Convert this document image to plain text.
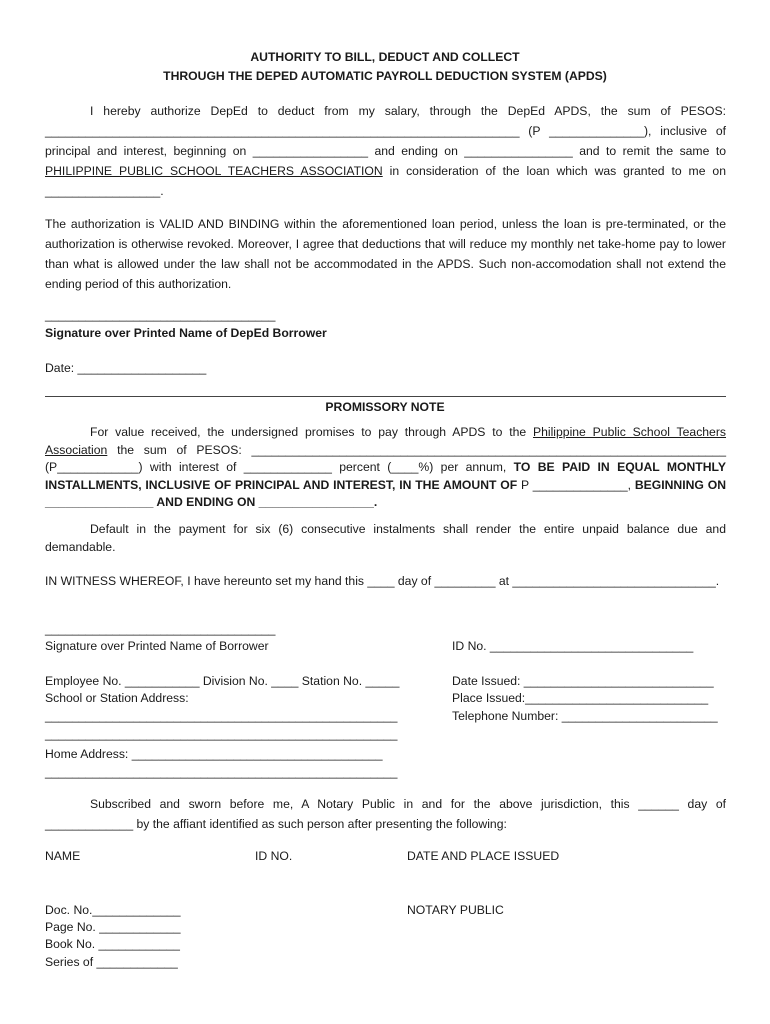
AUTHORITY TO BILL, DEDUCT AND COLLECT
THROUGH THE DEPED AUTOMATIC PAYROLL DEDUCTION SYSTEM (APDS)
I hereby authorize DepEd to deduct from my salary, through the DepEd APDS, the sum of PESOS: ______________________________________________________________________ (P ______________), inclusive of principal and interest, beginning on _________________ and ending on ________________ and to remit the same to PHILIPPINE PUBLIC SCHOOL TEACHERS ASSOCIATION in consideration of the loan which was granted to me on _________________.
The authorization is VALID AND BINDING within the aforementioned loan period, unless the loan is pre-terminated, or the authorization is otherwise revoked. Moreover, I agree that deductions that will reduce my monthly net take-home pay to lower than what is allowed under the law shall not be accommodated in the APDS. Such non-accomodation shall not extend the ending period of this authorization.
__________________________________
Signature over Printed Name of DepEd Borrower
Date: ___________________
PROMISSORY NOTE
For value received, the undersigned promises to pay through APDS to the Philippine Public School Teachers Association the sum of PESOS: ______________________________________________________________________ (P____________) with interest of _____________ percent (____%) per annum, TO BE PAID IN EQUAL MONTHLY INSTALLMENTS, INCLUSIVE OF PRINCIPAL AND INTEREST, IN THE AMOUNT OF P ______________, BEGINNING ON ________________ AND ENDING ON _________________.
Default in the payment for six (6) consecutive instalments shall render the entire unpaid balance due and demandable.
IN WITNESS WHEREOF, I have hereunto set my hand this ____ day of _________ at ______________________________.
__________________________________
Signature over Printed Name of Borrower	ID No. ______________________________
Employee No. ___________ Division No. ____ Station No. _____
School or Station Address:
____________________________________________________
____________________________________________________
Home Address: _____________________________________
____________________________________________________
Date Issued: ____________________________
Place Issued:___________________________
Telephone Number: _______________________
Subscribed and sworn before me, A Notary Public in and for the above jurisdiction, this ______ day of _____________ by the affiant identified as such person after presenting the following:
NAME	ID NO.	DATE AND PLACE ISSUED
Doc. No._____________
Page No. ____________
Book No. ____________
Series of ____________
NOTARY PUBLIC
